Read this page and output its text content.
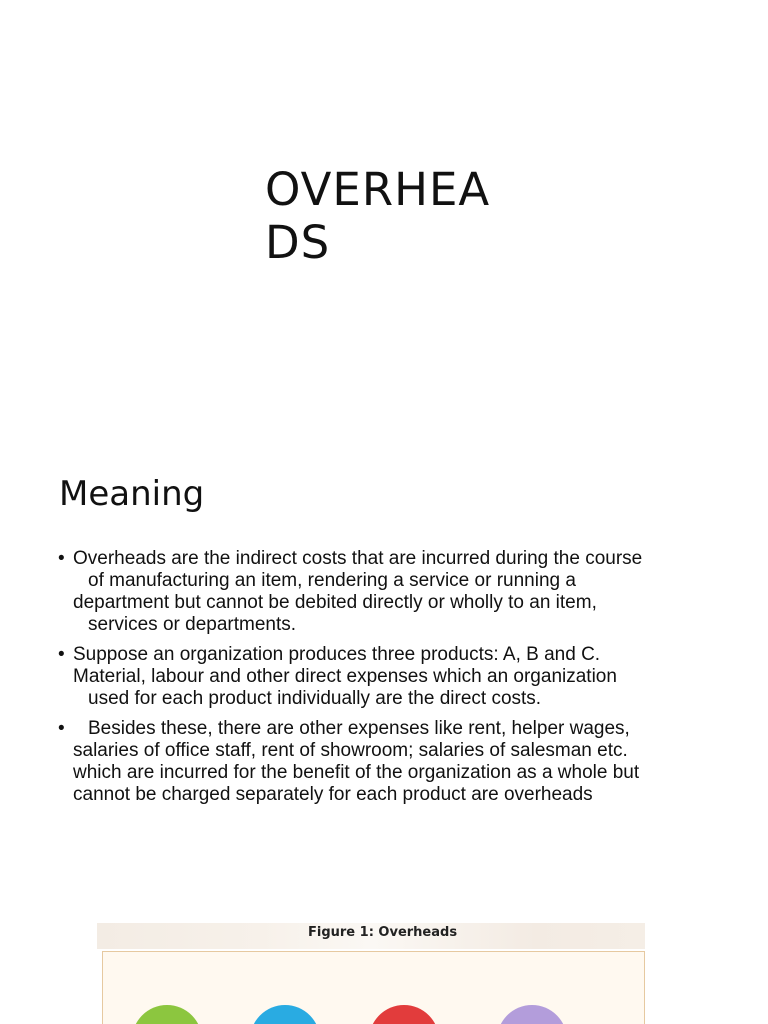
OVERHEA
DS
Meaning
• Overheads are the indirect costs that are incurred during the course
of manufacturing an item, rendering a service or running a
department but cannot be debited directly or wholly to an item,
services or departments.
• Suppose an organization produces three products: A, B and C.
Material, labour and other direct expenses which an organization
used for each product individually are the direct costs.
•	Besides these, there are other expenses like rent, helper wages,
salaries of office staff, rent of showroom; salaries of salesman etc.
which are incurred for the benefit of the organization as a whole but
cannot be charged separately for each product are overheads
Figure 1: Overheads
